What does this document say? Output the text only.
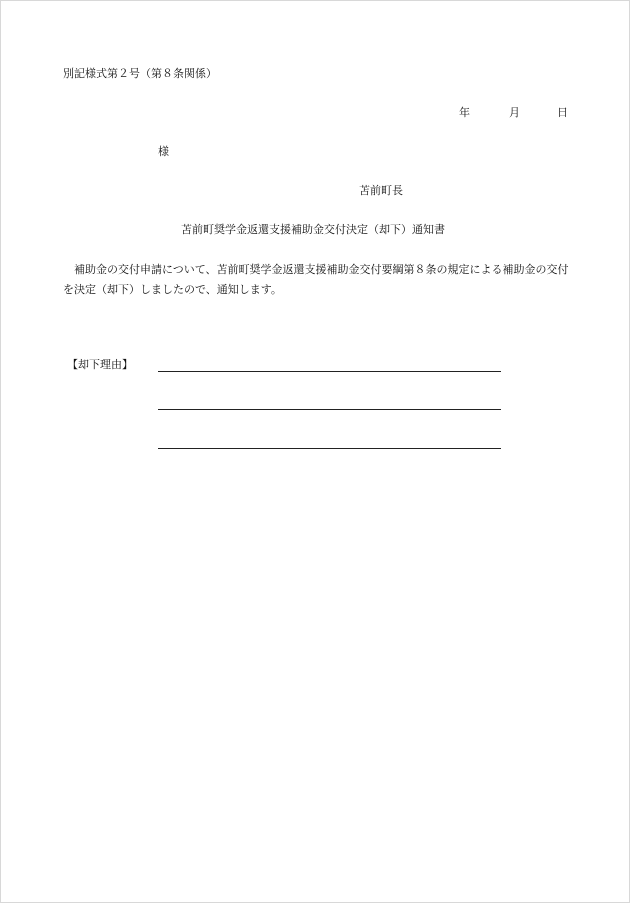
別記様式第２号（第８条関係）
年	月	日
様
苫前町長
苫前町奨学金返還支援補助金交付決定（却下）通知書
補助金の交付申請について、苫前町奨学金返還支援補助金交付要綱第８条の規定による補助金の交付を決定（却下）しましたので、通知します。
【却下理由】
